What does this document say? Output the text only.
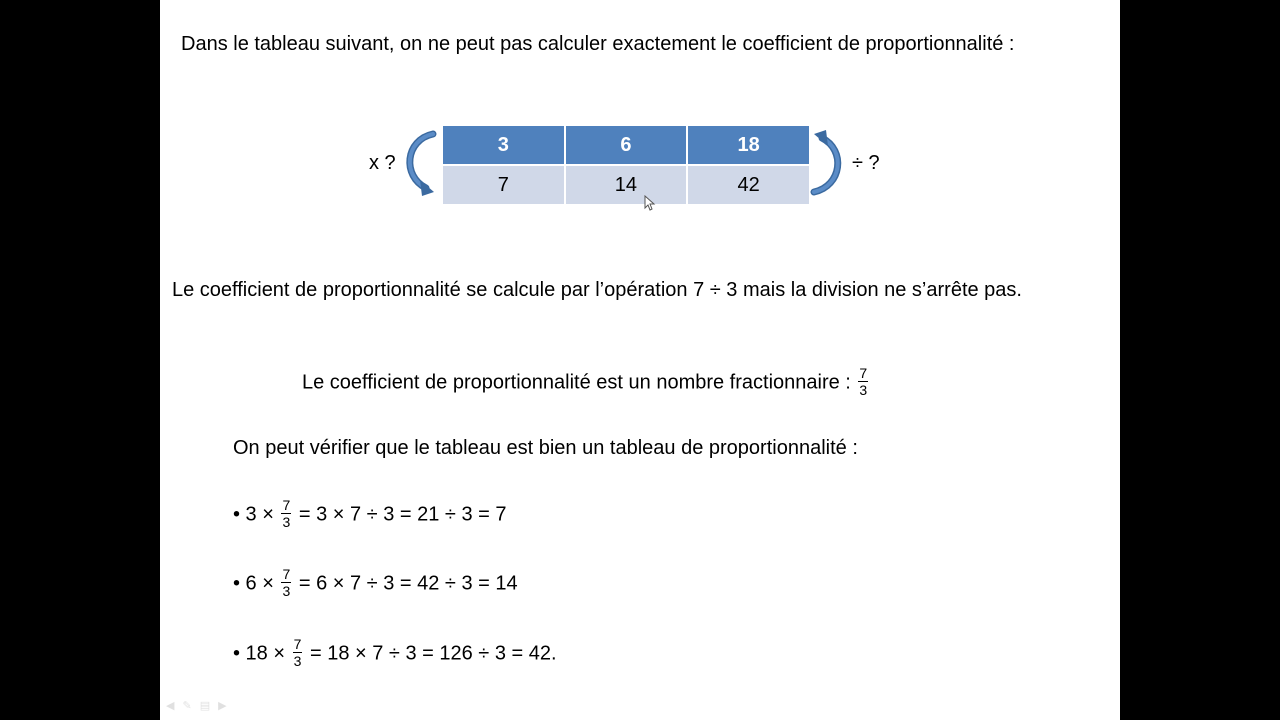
Dans le tableau suivant, on ne peut pas calculer exactement le coefficient de proportionnalité :
x ?
3	6	18
7	14	42
÷ ?
Le coefficient de proportionnalité se calcule par l’opération 7 ÷ 3 mais la division ne s’arrête pas.
Le coefficient de proportionnalité est un nombre fractionnaire : $\frac{7}{3}$
On peut vérifier que le tableau est bien un tableau de proportionnalité :
• $3 \times \frac{7}{3} = 3 \times 7 \div 3 = 21 \div 3 = 7$
• $6 \times \frac{7}{3} = 6 \times 7 \div 3 = 42 \div 3 = 14$
• $18 \times \frac{7}{3} = 18 \times 7 \div 3 = 126 \div 3 = 42$.
◀ ✎ ▤ ▶
